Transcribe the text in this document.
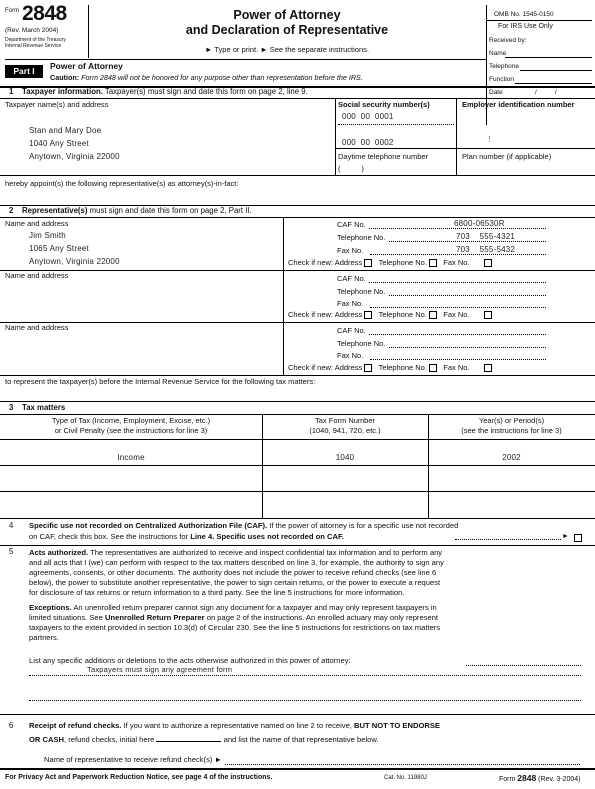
Form 2848
(Rev. March 2004)
Department of the Treasury
Internal Revenue Service
Power of Attorney
and Declaration of Representative
► Type or print. ► See the separate instructions.
OMB No. 1545-0150
For IRS Use Only
Received by:
Name
Telephone
Function
Date	/          /
Part I	Power of Attorney
Caution: Form 2848 will not be honored for any purpose other than representation before the IRS.
1 Taxpayer information. Taxpayer(s) must sign and date this form on page 2, line 9.
Taxpayer name(s) and address
Stan and Mary Doe
1040 Any Street
Anytown, Virginia 22000
Social security number(s)
000  00  0001
000  00  0002
Daytime telephone number
(          )
Employer identification number
⋮
Plan number (if applicable)
hereby appoint(s) the following representative(s) as attorney(s)-in-fact:
2 Representative(s) must sign and date this form on page 2, Part II.
Name and address
Jim Smith
1065 Any Street
Anytown, Virginia 22000
CAF No.	6800-06530R
Telephone No.	703    555-4321
Fax No.	703    555-5432
Check if new: Address Telephone No. Fax No.
Name and address	CAF No.
Telephone No.
Fax No.
Check if new: Address Telephone No. Fax No.
Name and address	CAF No.
Telephone No.
Fax No.
Check if new: Address Telephone No. Fax No.
to represent the taxpayer(s) before the Internal Revenue Service for the following tax matters:
3 Tax matters
Type of Tax (Income, Employment, Excise, etc.)
or Civil Penalty (see the instructions for line 3)
Tax Form Number
(1040, 941, 720, etc.)
Year(s) or Period(s)
(see the instructions for line 3)
Income	1040	2002
4 Specific use not recorded on Centralized Authorization File (CAF). If the power of attorney is for a specific use not recorded
on CAF, check this box. See the instructions for Line 4. Specific uses not recorded on CAF.	►
5 Acts authorized. The representatives are authorized to receive and inspect confidential tax information and to perform any
and all acts that I (we) can perform with respect to the tax matters described on line 3, for example, the authority to sign any
agreements, consents, or other documents. The authority does not include the power to receive refund checks (see line 6
below), the power to substitute another representative, the power to sign certain returns, or the power to execute a request
for disclosure of tax returns or return information to a third party. See the line 5 instructions for more information.
Exceptions. An unenrolled return preparer cannot sign any document for a taxpayer and may only represent taxpayers in
limited situations. See Unenrolled Return Preparer on page 2 of the instructions. An enrolled actuary may only represent
taxpayers to the extent provided in section 10.3(d) of Circular 230. See the line 5 instructions for restrictions on tax matters
partners.
List any specific additions or deletions to the acts otherwise authorized in this power of attorney:
Taxpayers must sign any agreement form
6 Receipt of refund checks. If you want to authorize a representative named on line 2 to receive, BUT NOT TO ENDORSE
OR CASH, refund checks, initial here	and list the name of that representative below.
Name of representative to receive refund check(s) ►
For Privacy Act and Paperwork Reduction Notice, see page 4 of the instructions.	Cat. No. 11980J	Form 2848 (Rev. 3-2004)
